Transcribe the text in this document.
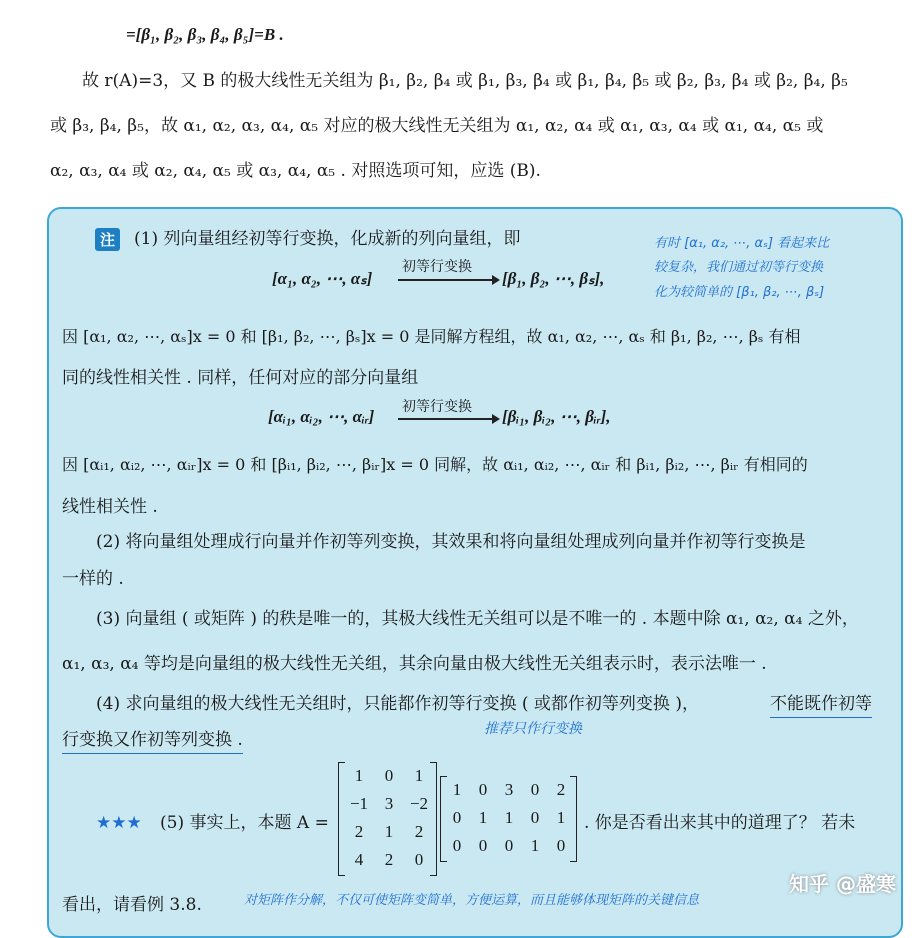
=[β₁, β₂, β₃, β₄, β₅]=B .
故 r(A)=3，又 B 的极大线性无关组为 β₁, β₂, β₄ 或 β₁, β₃, β₄ 或 β₁, β₄, β₅ 或 β₂, β₃, β₄ 或 β₂, β₄, β₅
或 β₃, β₄, β₅，故 α₁, α₂, α₃, α₄, α₅ 对应的极大线性无关组为 α₁, α₂, α₄ 或 α₁, α₃, α₄ 或 α₁, α₄, α₅ 或
α₂, α₃, α₄ 或 α₂, α₄, α₅ 或 α₃, α₄, α₅ . 对照选项可知，应选 (B).
注 (1) 列向量组经初等行变换，化成新的列向量组，即
[α₁, α₂, ⋯, αₛ]
初等行变换
[β₁, β₂, ⋯, βₛ],
有时 [α₁, α₂, ⋯, αₛ] 看起来比
较复杂，我们通过初等行变换
化为较简单的 [β₁, β₂, ⋯, βₛ]
因 [α₁, α₂, ⋯, αₛ]x = 0 和 [β₁, β₂, ⋯, βₛ]x = 0 是同解方程组，故 α₁, α₂, ⋯, αₛ 和 β₁, β₂, ⋯, βₛ 有相
同的线性相关性 . 同样，任何对应的部分向量组
[αᵢ₁, αᵢ₂, ⋯, αᵢᵣ] 初等行变换 [βᵢ₁, βᵢ₂, ⋯, βᵢᵣ],
因 [αᵢ₁, αᵢ₂, ⋯, αᵢᵣ]x = 0 和 [βᵢ₁, βᵢ₂, ⋯, βᵢᵣ]x = 0 同解，故 αᵢ₁, αᵢ₂, ⋯, αᵢᵣ 和 βᵢ₁, βᵢ₂, ⋯, βᵢᵣ 有相同的
线性相关性 .
(2) 将向量组处理成行向量并作初等列变换，其效果和将向量组处理成列向量并作初等行变换是
一样的 .
(3) 向量组 ( 或矩阵 ) 的秩是唯一的，其极大线性无关组可以是不唯一的 . 本题中除 α₁, α₂, α₄ 之外，
α₁, α₃, α₄ 等均是向量组的极大线性无关组，其余向量由极大线性无关组表示时，表示法唯一 .
(4) 求向量组的极大线性无关组时，只能都作初等行变换 ( 或都作初等列变换 )，	不能既作初等
行变换又作初等列变换 .
推荐只作行变换
★★★ (5) 事实上，本题 A =
1	0	1
−1 3 −2
2	1	2
4	2	0
1	0	3	0	2
0	1	1	0	1
0	0	0	1	0
. 你是否看出来其中的道理了？ 若未
看出，请看例 3.8.	对矩阵作分解，不仅可使矩阵变简单，方便运算，而且能够体现矩阵的关键信息
知乎 @盛寒
